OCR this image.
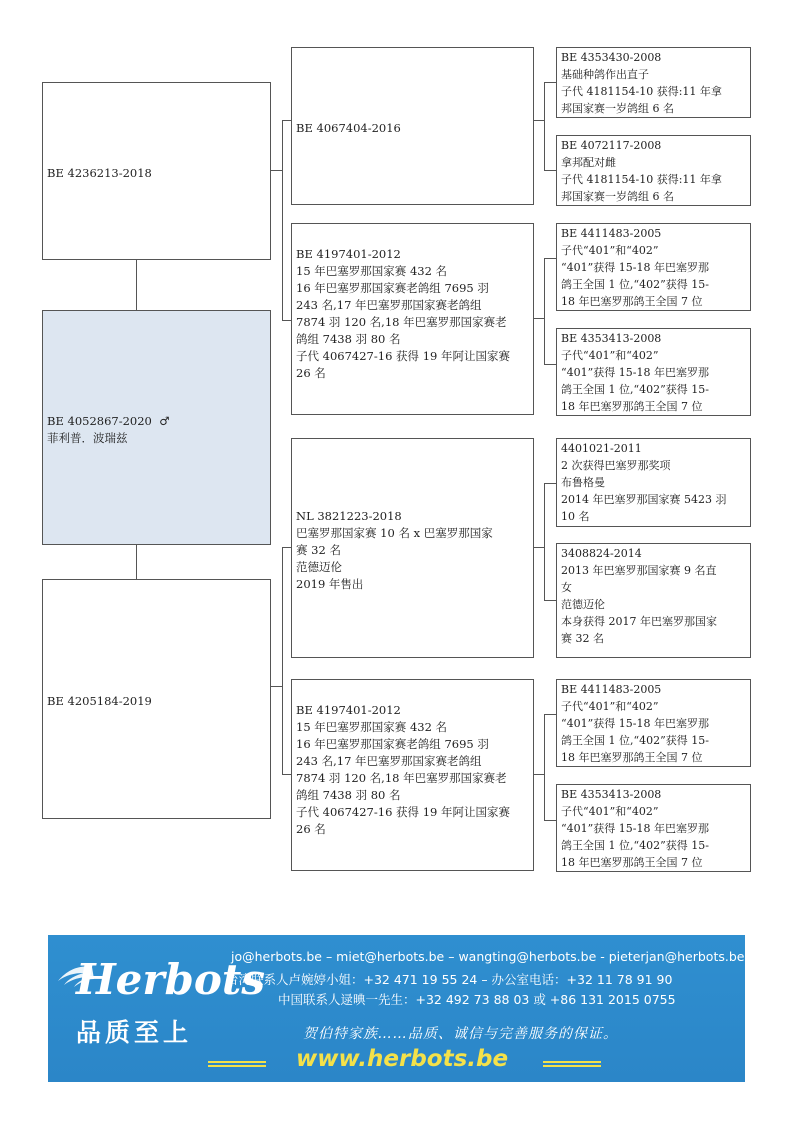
BE 4236213-2018
BE 4052867-2020 ♂
菲利普．波瑞兹
BE 4205184-2019
BE 4067404-2016
BE 4197401-2012
15 年巴塞罗那国家赛 432 名
16 年巴塞罗那国家赛老鸽组 7695 羽
243 名,17 年巴塞罗那国家赛老鸽组
7874 羽 120 名,18 年巴塞罗那国家赛老
鸽组 7438 羽 80 名
子代 4067427-16 获得 19 年阿让国家赛
26 名
NL 3821223-2018
巴塞罗那国家赛 10 名 x 巴塞罗那国家
赛 32 名
范德迈伦
2019 年售出
BE 4197401-2012
15 年巴塞罗那国家赛 432 名
16 年巴塞罗那国家赛老鸽组 7695 羽
243 名,17 年巴塞罗那国家赛老鸽组
7874 羽 120 名,18 年巴塞罗那国家赛老
鸽组 7438 羽 80 名
子代 4067427-16 获得 19 年阿让国家赛
26 名
BE 4353430-2008
基础种鸽作出直子
子代 4181154-10 获得:11 年拿
邦国家赛一岁鸽组 6 名
BE 4072117-2008
拿邦配对雌
子代 4181154-10 获得:11 年拿
邦国家赛一岁鸽组 6 名
BE 4411483-2005
子代“401”和“402”
“401”获得 15-18 年巴塞罗那
鸽王全国 1 位,“402”获得 15-
18 年巴塞罗那鸽王全国 7 位
BE 4353413-2008
子代“401”和“402”
“401”获得 15-18 年巴塞罗那
鸽王全国 1 位,“402”获得 15-
18 年巴塞罗那鸽王全国 7 位
4401021-2011
2 次获得巴塞罗那奖项
布鲁格曼
2014 年巴塞罗那国家赛 5423 羽
10 名
3408824-2014
2013 年巴塞罗那国家赛 9 名直
女
范德迈伦
本身获得 2017 年巴塞罗那国家
赛 32 名
BE 4411483-2005
子代“401”和“402”
“401”获得 15-18 年巴塞罗那
鸽王全国 1 位,“402”获得 15-
18 年巴塞罗那鸽王全国 7 位
BE 4353413-2008
子代“401”和“402”
“401”获得 15-18 年巴塞罗那
鸽王全国 1 位,“402”获得 15-
18 年巴塞罗那鸽王全国 7 位
Herbots
品质至上
jo@herbots.be – miet@herbots.be – wangting@herbots.be - pieterjan@herbots.be
台湾联系人卢婉婷小姐：+32 471 19 55 24 – 办公室电话：+32 11 78 91 90
中国联系人逯晪一先生：+32 492 73 88 03 或 +86 131 2015 0755
贺伯特家族……品质、诚信与完善服务的保证。
www.herbots.be
